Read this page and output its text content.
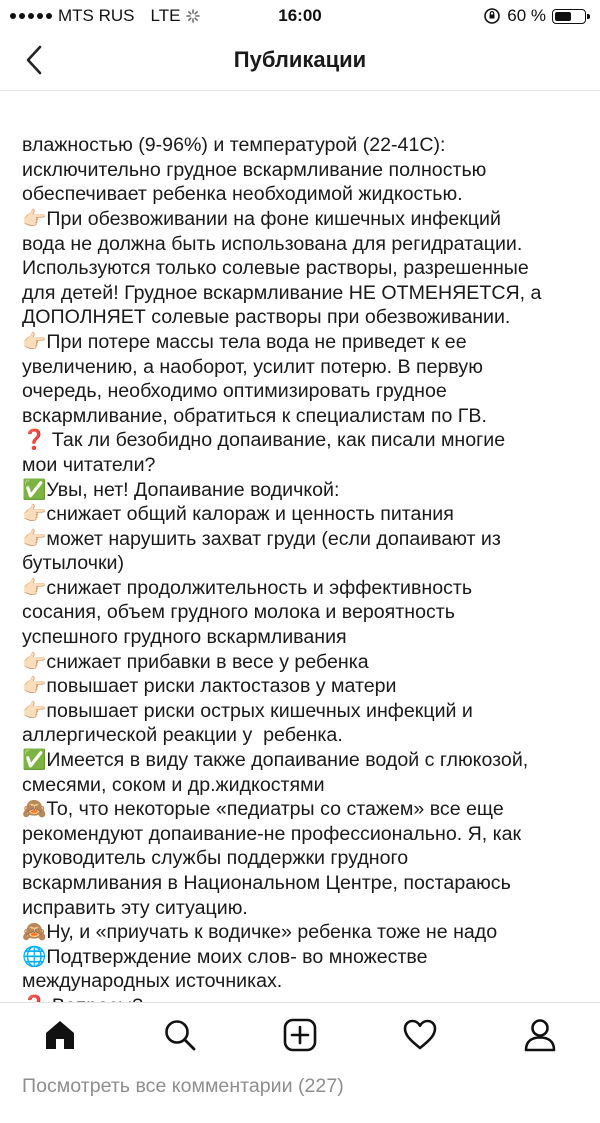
MTS RUS LTE	16:00	60 %
Публикации

влажностью (9-96%) и температурой (22-41С):
исключительно грудное вскармливание полностью
обеспечивает ребенка необходимой жидкостью.
👉🏻При обезвоживании на фоне кишечных инфекций
вода не должна быть использована для регидратации.
Используются только солевые растворы, разрешенные
для детей! Грудное вскармливание НЕ ОТМЕНЯЕТСЯ, а
ДОПОЛНЯЕТ солевые растворы при обезвоживании.
👉🏻При потере массы тела вода не приведет к ее
увеличению, а наоборот, усилит потерю. В первую
очередь, необходимо оптимизировать грудное
вскармливание, обратиться к специалистам по ГВ.
❓ Так ли безобидно допаивание, как писали многие
мои читатели?
✅Увы, нет! Допаивание водичкой:
👉🏻снижает общий калораж и ценность питания
👉🏻может нарушить захват груди (если допаивают из
бутылочки)
👉🏻снижает продолжительность и эффективность
сосания, объем грудного молока и вероятность
успешного грудного вскармливания
👉🏻снижает прибавки в весе у ребенка
👉🏻повышает риски лактостазов у матери
👉🏻повышает риски острых кишечных инфекций и
аллергической реакции у  ребенка.
✅Имеется в виду также допаивание водой с глюкозой,
смесями, соком и др.жидкостями
🙈То, что некоторые «педиатры со стажем» все еще
рекомендуют допаивание-не профессионально. Я, как
руководитель службы поддержки грудного
вскармливания в Национальном Центре, постараюсь
исправить эту ситуацию.
🙈Ну, и «приучать к водичке» ребенка тоже не надо
🌐Подтверждение моих слов- во множестве
международных источниках.

Посмотреть все комментарии (227)
